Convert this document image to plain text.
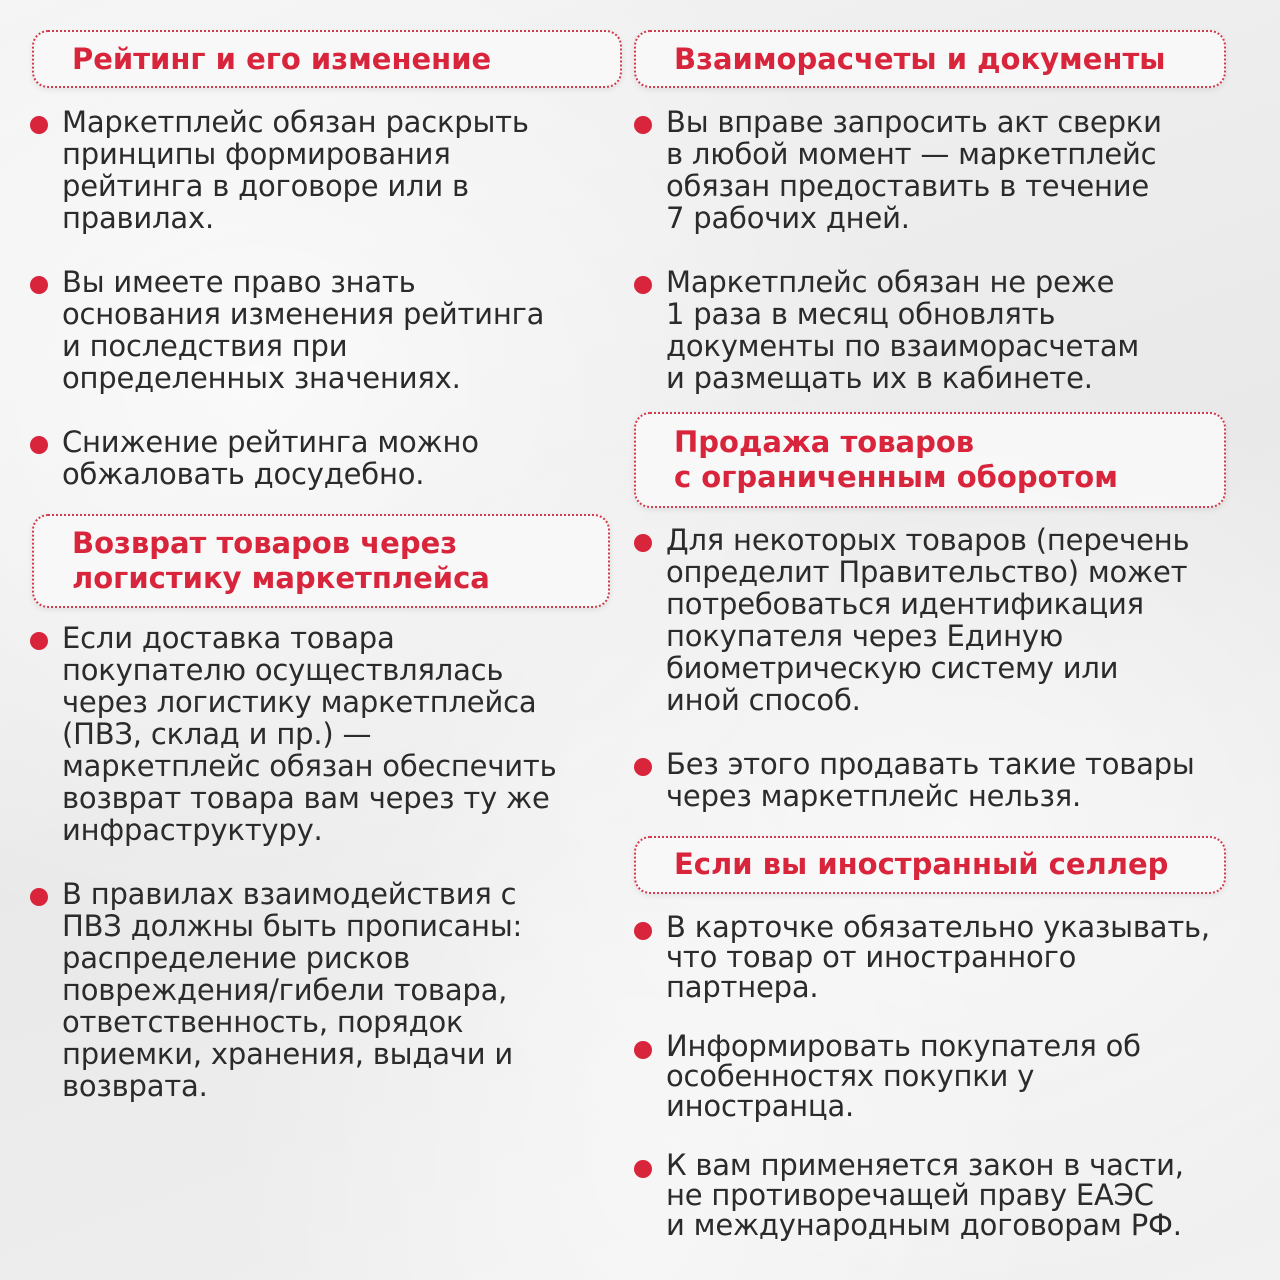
Рейтинг и его изменение
Маркетплейс обязан раскрыть
принципы формирования
рейтинга в договоре или в
правилах.
Вы имеете право знать
основания изменения рейтинга
и последствия при
определенных значениях.
Снижение рейтинга можно
обжаловать досудебно.
Возврат товаров через
логистику маркетплейса
Если доставка товара
покупателю осуществлялась
через логистику маркетплейса
(ПВЗ, склад и пр.) —
маркетплейс обязан обеспечить
возврат товара вам через ту же
инфраструктуру.
В правилах взаимодействия с
ПВЗ должны быть прописаны:
распределение рисков
повреждения/гибели товара,
ответственность, порядок
приемки, хранения, выдачи и
возврата.
Взаиморасчеты и документы
Вы вправе запросить акт сверки
в любой момент — маркетплейс
обязан предоставить в течение
7 рабочих дней.
Маркетплейс обязан не реже
1 раза в месяц обновлять
документы по взаиморасчетам
и размещать их в кабинете.
Продажа товаров
с ограниченным оборотом
Для некоторых товаров (перечень
определит Правительство) может
потребоваться идентификация
покупателя через Единую
биометрическую систему или
иной способ.
Без этого продавать такие товары
через маркетплейс нельзя.
Если вы иностранный селлер
В карточке обязательно указывать,
что товар от иностранного
партнера.
Информировать покупателя об
особенностях покупки у
иностранца.
К вам применяется закон в части,
не противоречащей праву ЕАЭС
и международным договорам РФ.
